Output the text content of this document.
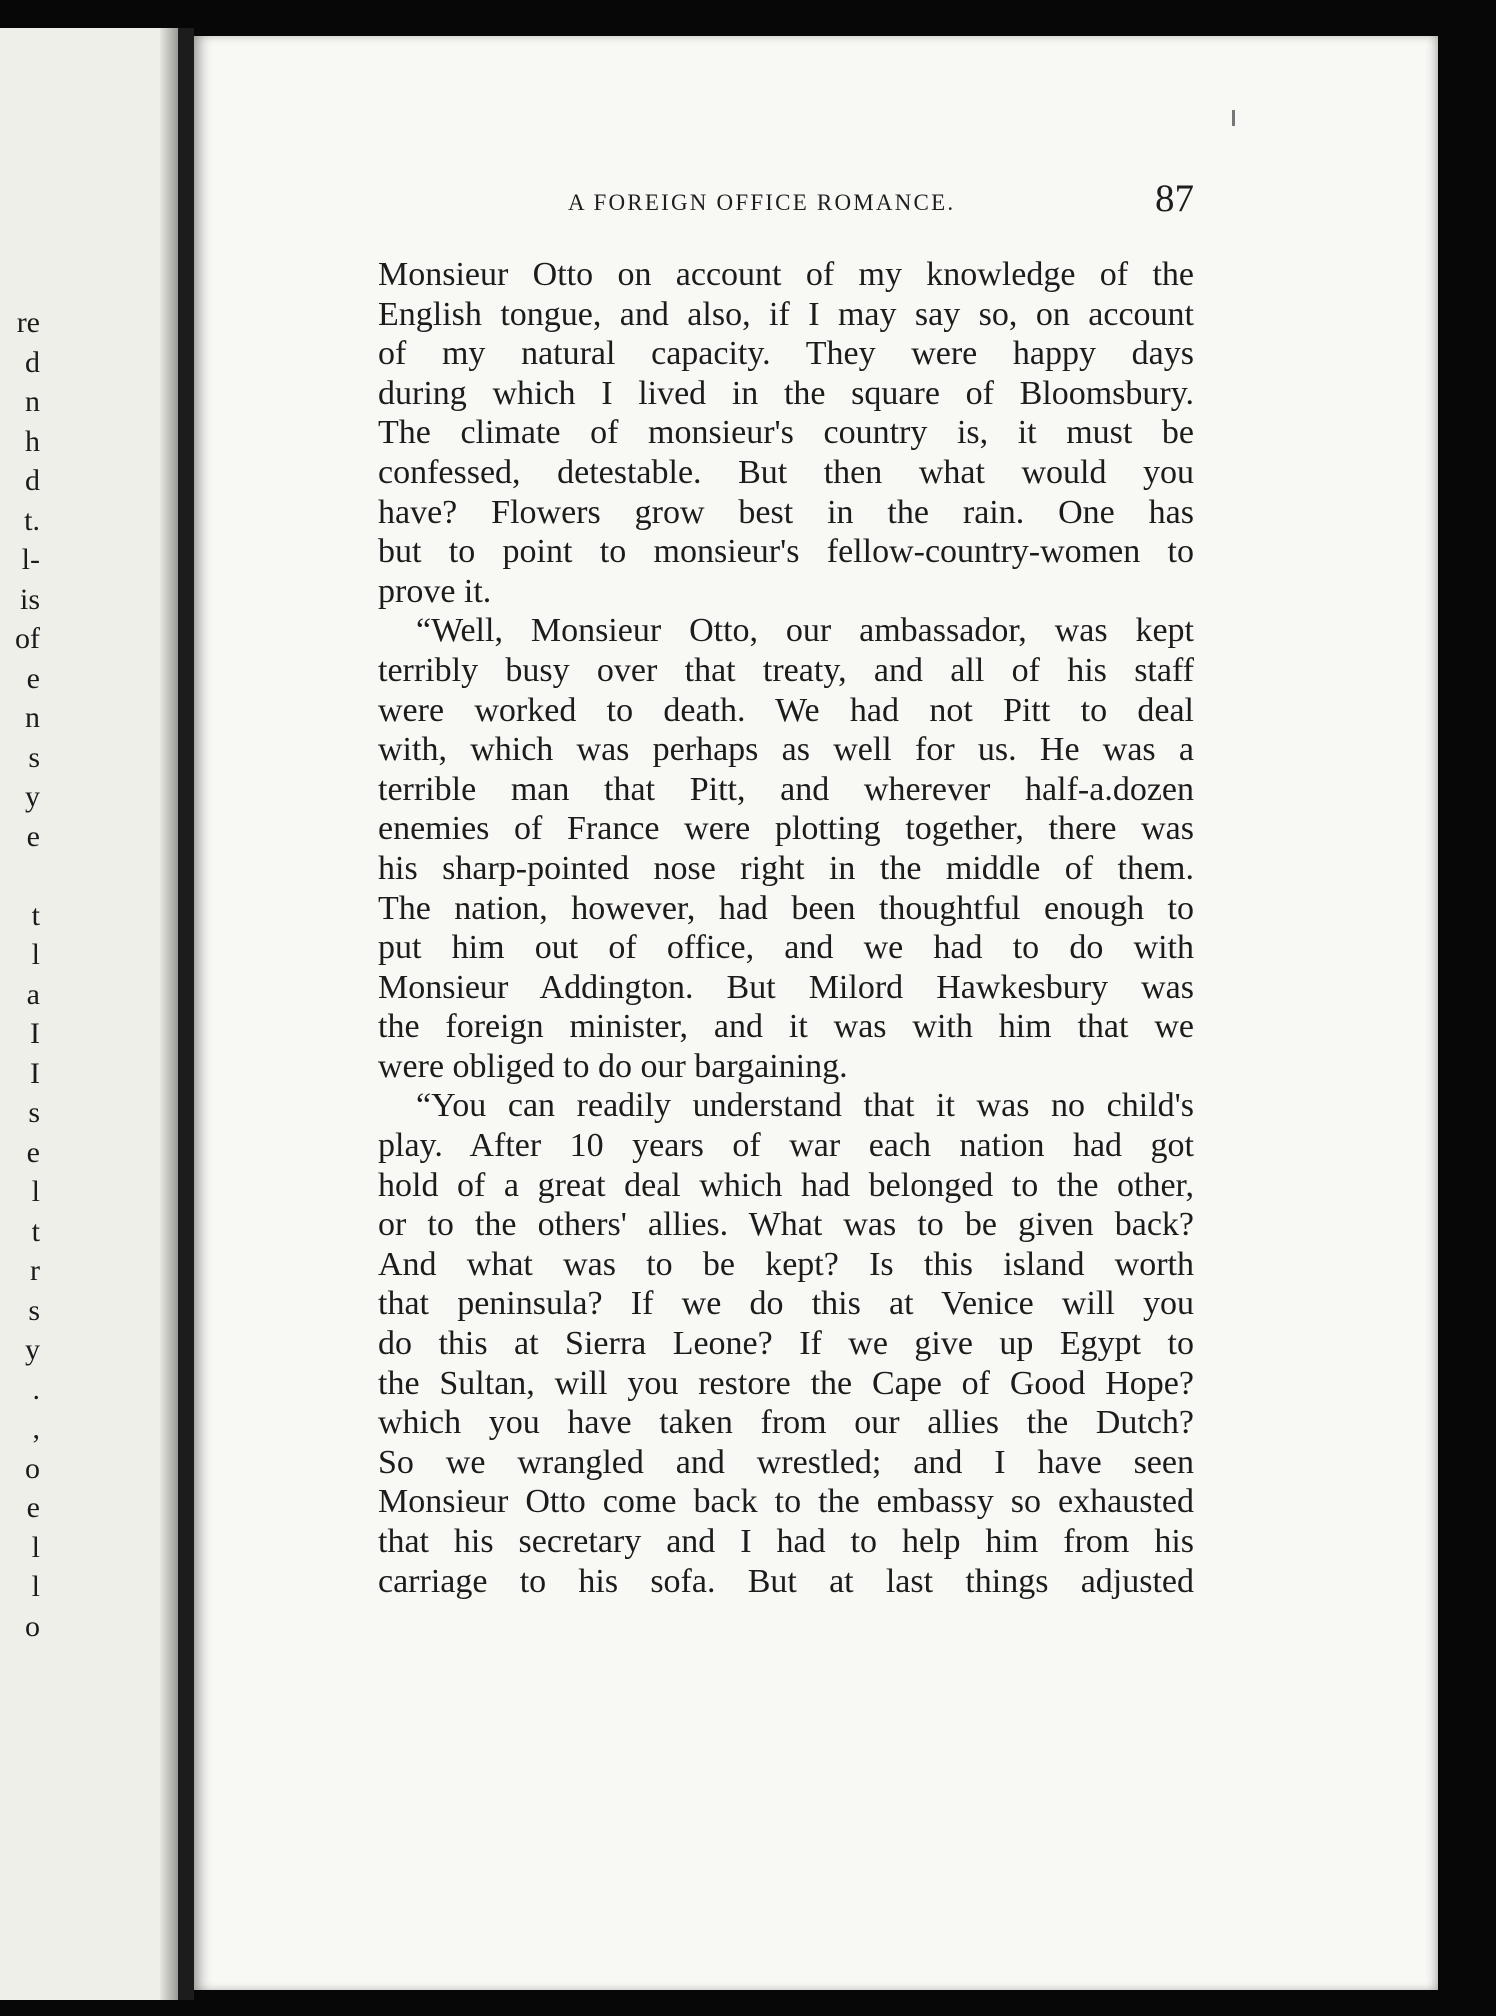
re
d
n
h
d
t.
l-
is
of
e
n
s
y
e
t
l
a
I
I
s
e
l
t
r
s
y
.
,
o
e
l
l
o
A FOREIGN OFFICE ROMANCE.	87
Monsieur Otto on account of my knowledge of the
English tongue, and also, if I may say so, on account
of my natural capacity. They were happy days
during which I lived in the square of Bloomsbury.
The climate of monsieur's country is, it must be
confessed, detestable. But then what would you
have? Flowers grow best in the rain. One has
but to point to monsieur's fellow-country-women to
prove it.
“Well, Monsieur Otto, our ambassador, was kept
terribly busy over that treaty, and all of his staff
were worked to death. We had not Pitt to deal
with, which was perhaps as well for us. He was a
terrible man that Pitt, and wherever half-a.dozen
enemies of France were plotting together, there was
his sharp-pointed nose right in the middle of them.
The nation, however, had been thoughtful enough to
put him out of office, and we had to do with
Monsieur Addington. But Milord Hawkesbury was
the foreign minister, and it was with him that we
were obliged to do our bargaining.
“You can readily understand that it was no child's
play. After 10 years of war each nation had got
hold of a great deal which had belonged to the other,
or to the others' allies. What was to be given back?
And what was to be kept? Is this island worth
that peninsula? If we do this at Venice will you
do this at Sierra Leone? If we give up Egypt to
the Sultan, will you restore the Cape of Good Hope?
which you have taken from our allies the Dutch?
So we wrangled and wrestled; and I have seen
Monsieur Otto come back to the embassy so exhausted
that his secretary and I had to help him from his
carriage to his sofa. But at last things adjusted
